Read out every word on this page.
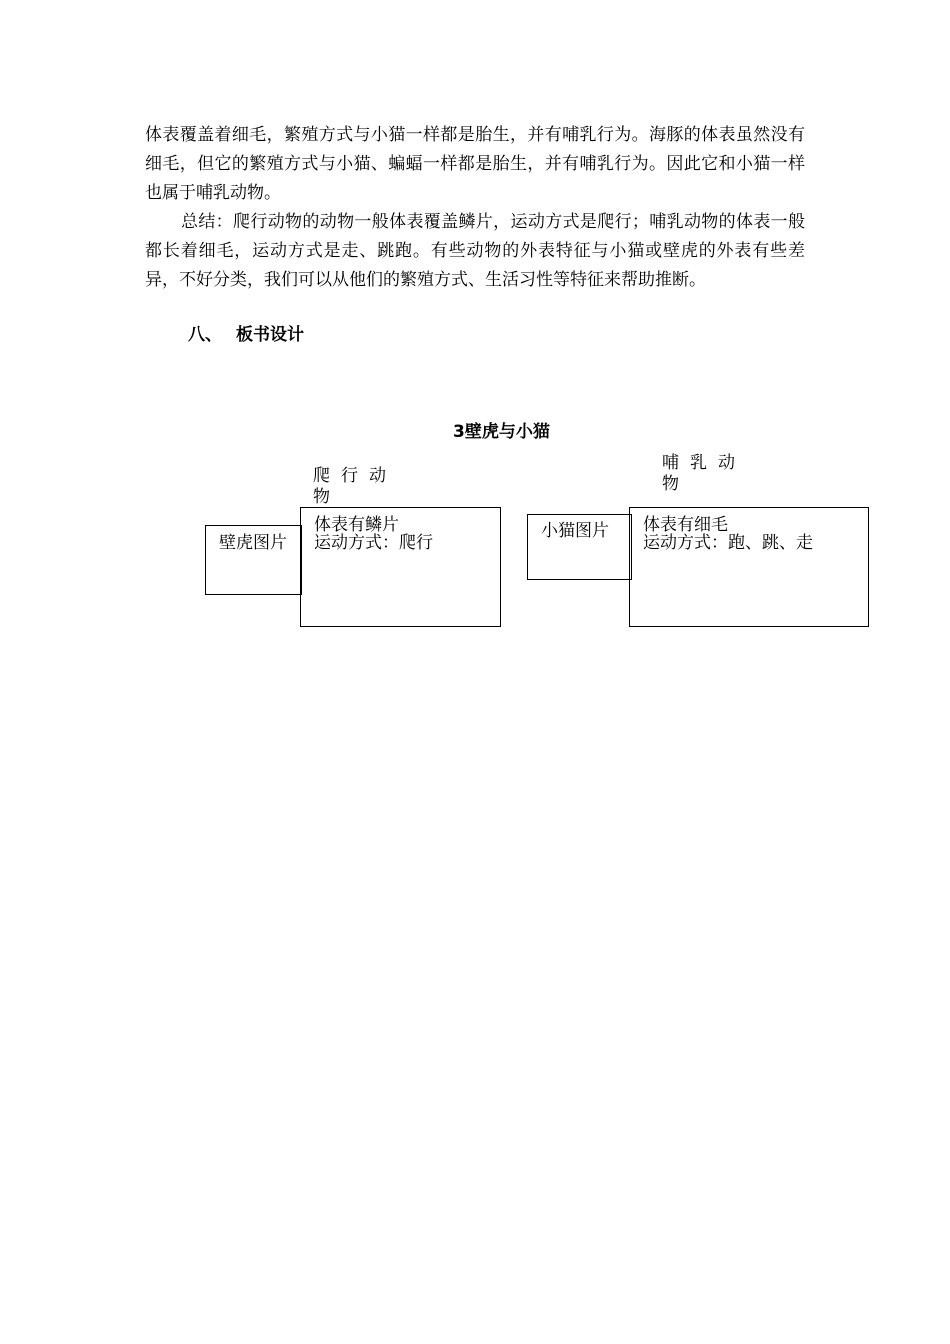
体表覆盖着细毛，繁殖方式与小猫一样都是胎生，并有哺乳行为。海豚的体表虽然没有细毛，但它的繁殖方式与小猫、蝙蝠一样都是胎生，并有哺乳行为。因此它和小猫一样也属于哺乳动物。

总结：爬行动物的动物一般体表覆盖鳞片，运动方式是爬行；哺乳动物的体表一般都长着细毛，运动方式是走、跳跑。有些动物的外表特征与小猫或壁虎的外表有些差异，不好分类，我们可以从他们的繁殖方式、生活习性等特征来帮助推断。

八、 板书设计
3壁虎与小猫
爬行动物
壁虎图片
体表有鳞片
运动方式：爬行
哺乳动物
小猫图片 体表有细毛
运动方式：跑、跳、走
